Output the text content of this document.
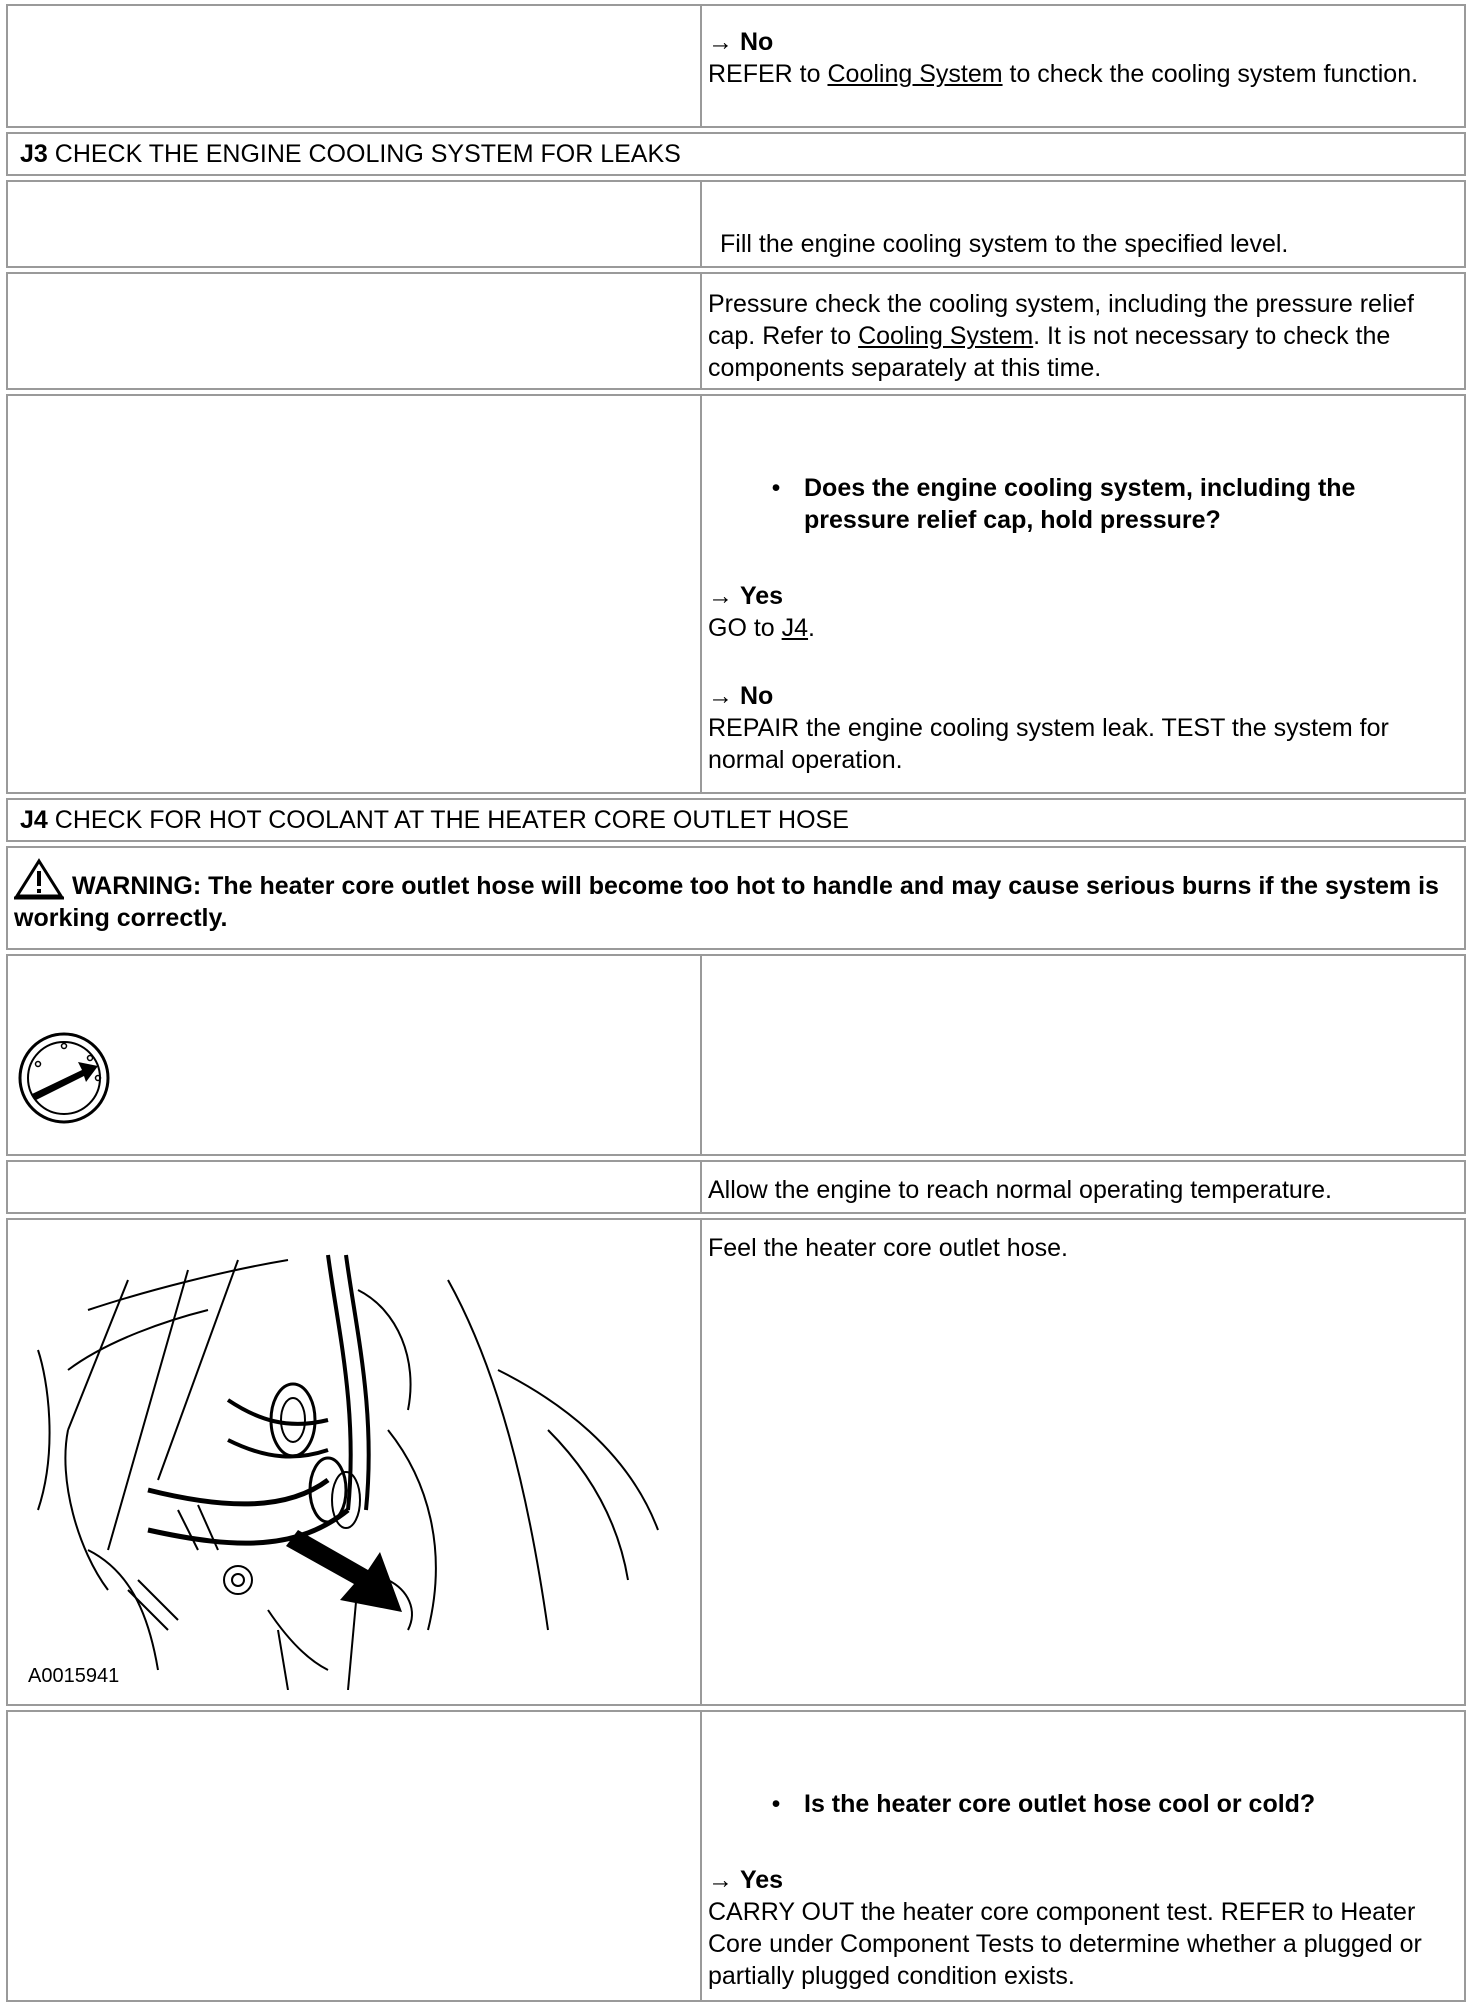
→ No
REFER to Cooling System to check the cooling system function.
J3 CHECK THE ENGINE COOLING SYSTEM FOR LEAKS
Fill the engine cooling system to the specified level.
Pressure check the cooling system, including the pressure relief cap. Refer to Cooling System. It is not necessary to check the components separately at this time.
• Does the engine cooling system, including the pressure relief cap, hold pressure?
→ Yes
GO to J4.
→ No
REPAIR the engine cooling system leak. TEST the system for normal operation.
J4 CHECK FOR HOT COOLANT AT THE HEATER CORE OUTLET HOSE
WARNING: The heater core outlet hose will become too hot to handle and may cause serious burns if the system is working correctly.
Allow the engine to reach normal operating temperature.
A0015941
Feel the heater core outlet hose.
• Is the heater core outlet hose cool or cold?
→ Yes
CARRY OUT the heater core component test. REFER to Heater Core under Component Tests to determine whether a plugged or partially plugged condition exists.
